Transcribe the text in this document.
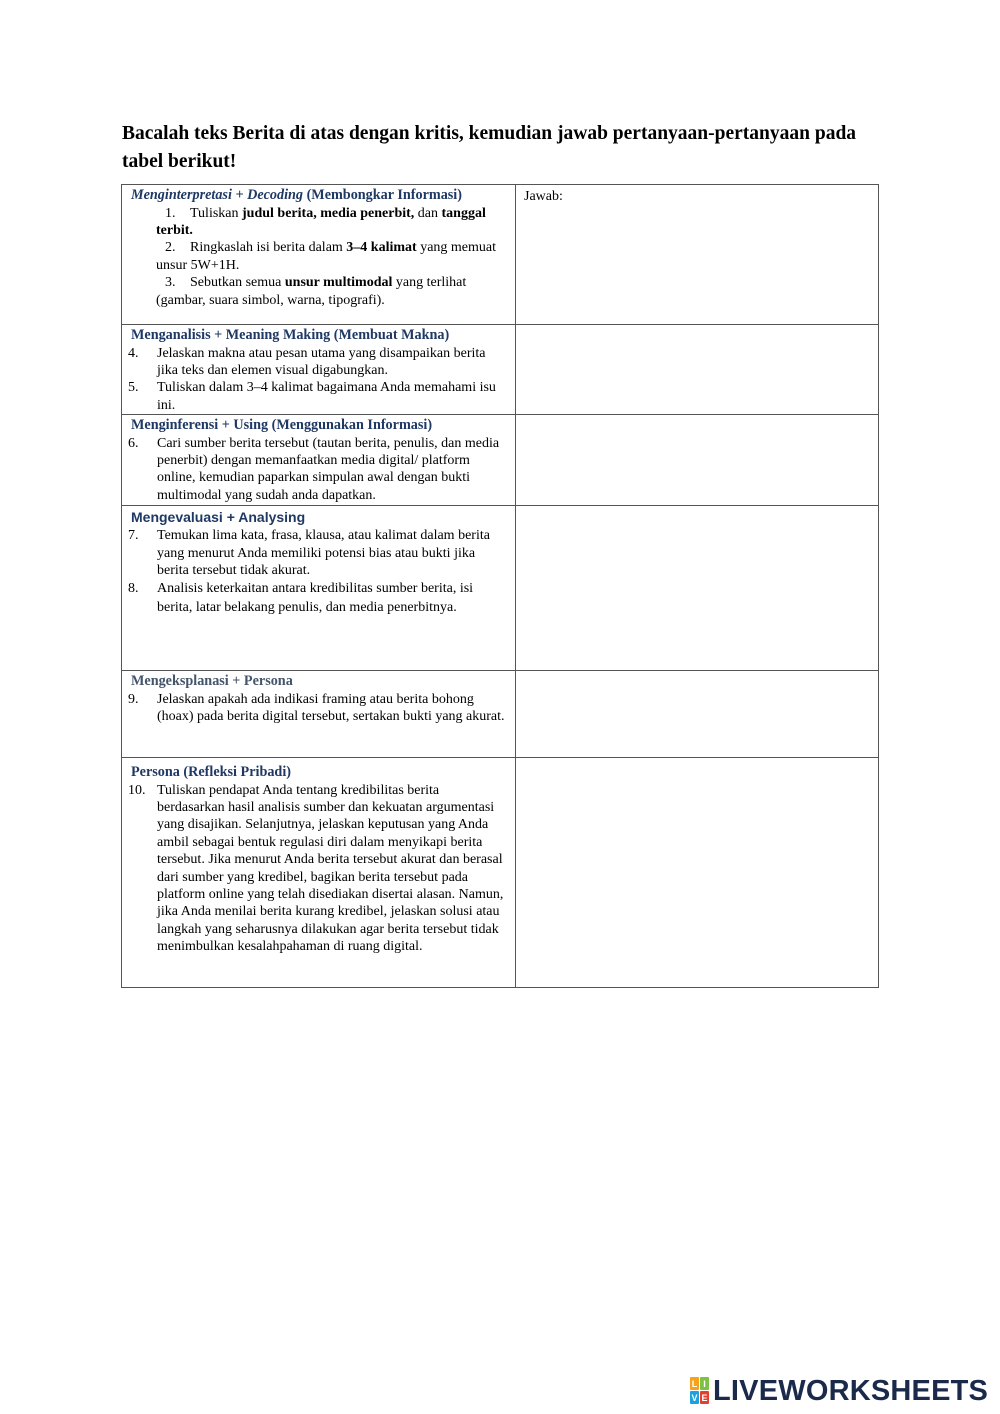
Bacalah teks Berita di atas dengan kritis, kemudian jawab pertanyaan-pertanyaan pada tabel berikut!

Menginterpretasi + Decoding (Membongkar Informasi)
1. Tuliskan judul berita, media penerbit, dan tanggal terbit.
2. Ringkaslah isi berita dalam 3–4 kalimat yang memuat unsur 5W+1H.
3. Sebutkan semua unsur multimodal yang terlihat (gambar, suara simbol, warna, tipografi).	Jawab:

Menganalisis + Meaning Making (Membuat Makna)
4. Jelaskan makna atau pesan utama yang disampaikan berita jika teks dan elemen visual digabungkan.
5. Tuliskan dalam 3–4 kalimat bagaimana Anda memahami isu ini.	

Menginferensi + Using (Menggunakan Informasi)
6. Cari sumber berita tersebut (tautan berita, penulis, dan media penerbit) dengan memanfaatkan media digital/ platform online, kemudian paparkan simpulan awal dengan bukti multimodal yang sudah anda dapatkan.	

Mengevaluasi + Analysing
7. Temukan lima kata, frasa, klausa, atau kalimat dalam berita yang menurut Anda memiliki potensi bias atau bukti jika berita tersebut tidak akurat.
8. Analisis keterkaitan antara kredibilitas sumber berita, isi berita, latar belakang penulis, dan media penerbitnya.	

Mengeksplanasi + Persona
9. Jelaskan apakah ada indikasi framing atau berita bohong (hoax) pada berita digital tersebut, sertakan bukti yang akurat.	

Persona (Refleksi Pribadi)
10. Tuliskan pendapat Anda tentang kredibilitas berita berdasarkan hasil analisis sumber dan kekuatan argumentasi yang disajikan. Selanjutnya, jelaskan keputusan yang Anda ambil sebagai bentuk regulasi diri dalam menyikapi berita tersebut. Jika menurut Anda berita tersebut akurat dan berasal dari sumber yang kredibel, bagikan berita tersebut pada platform online yang telah disediakan disertai alasan. Namun, jika Anda menilai berita kurang kredibel, jelaskan solusi atau langkah yang seharusnya dilakukan agar berita tersebut tidak menimbulkan kesalahpahaman di ruang digital.	

L I
V E LIVEWORKSHEETS
